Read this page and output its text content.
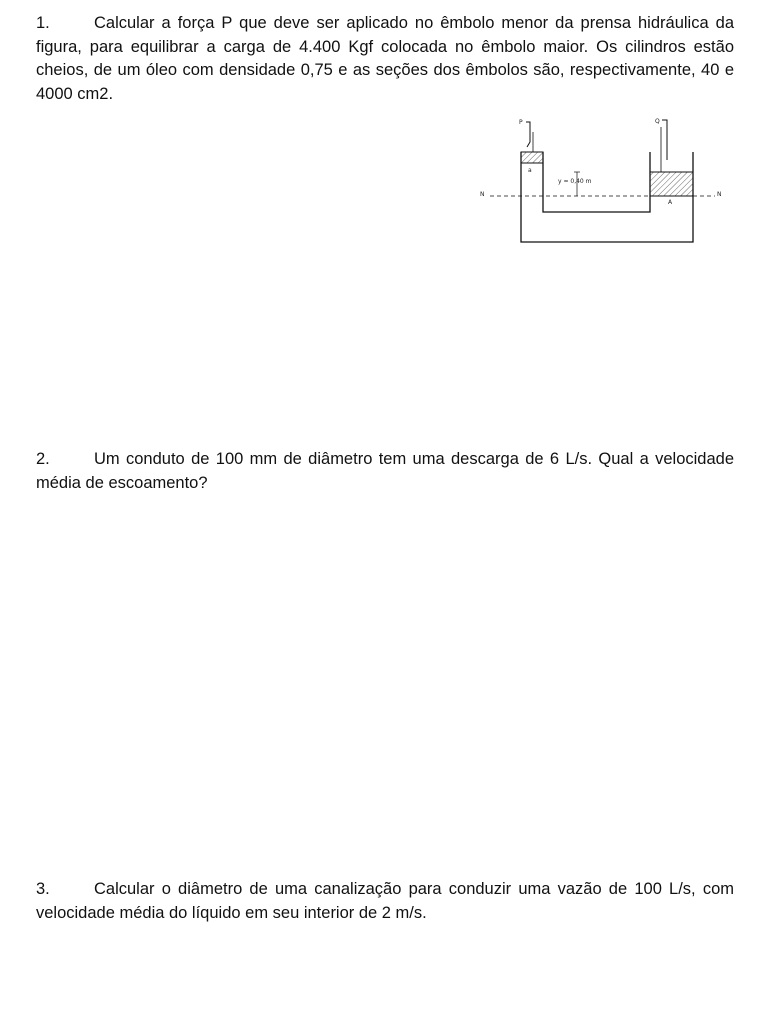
1.	Calcular a força P que deve ser aplicado no êmbolo menor da prensa hidráulica da figura, para equilibrar a carga de 4.400 Kgf colocada no êmbolo maior. Os cilindros estão cheios, de um óleo com densidade 0,75 e as seções dos êmbolos são, respectivamente, 40 e 4000 cm2.

P	Q
a
A
y = 0,40 m
N	N

2.	Um conduto de 100 mm de diâmetro tem uma descarga de 6 L/s. Qual a velocidade média de escoamento?

3.	Calcular o diâmetro de uma canalização para conduzir uma vazão de 100 L/s, com velocidade média do líquido em seu interior de 2 m/s.
